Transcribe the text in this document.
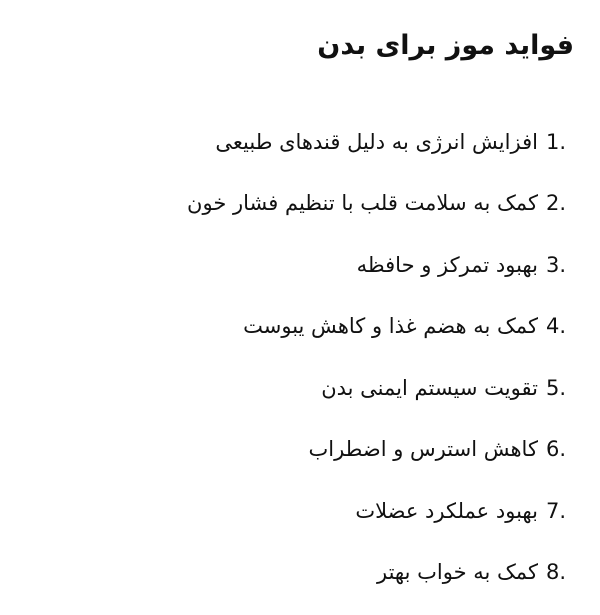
فواید موز برای بدن
1.
افزایش انرژی به دلیل قندهای طبیعی
2.
کمک به سلامت قلب با تنظیم فشار خون
3.
بهبود تمرکز و حافظه
4.
کمک به هضم غذا و کاهش یبوست
5.
تقویت سیستم ایمنی بدن
6.
کاهش استرس و اضطراب
7.
بهبود عملکرد عضلات
8.
کمک به خواب بهتر
